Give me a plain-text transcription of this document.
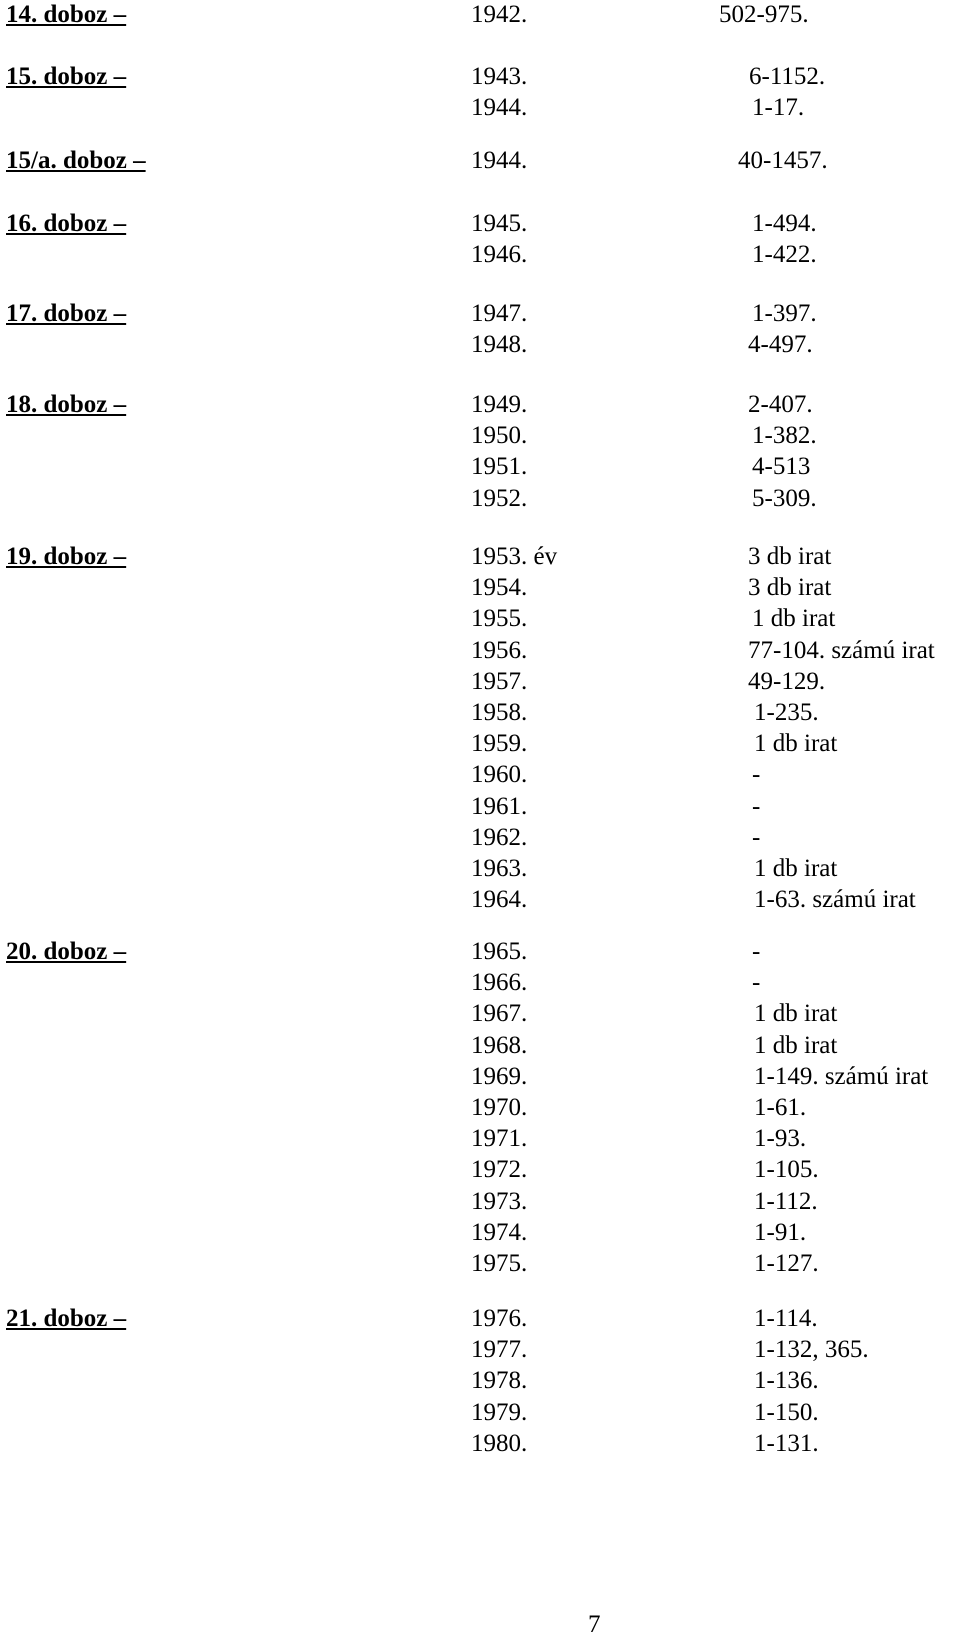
14. doboz –	1942.	502-975.
15. doboz –	1943.	6-1152.
1944.	1-17.
15/a. doboz –	1944.	40-1457.
16. doboz –	1945.	1-494.
1946.	1-422.
17. doboz –	1947.	1-397.
1948.	4-497.
18. doboz –	1949.	2-407.
1950.	1-382.
1951.	4-513
1952.	5-309.
19. doboz –	1953. év	3 db irat
1954.	3 db irat
1955.	1 db irat
1956.	77-104. számú irat
1957.	49-129.
1958.	1-235.
1959.	1 db irat
1960.	-
1961.	-
1962.	-
1963.	1 db irat
1964.	1-63. számú irat
20. doboz –	1965.	-
1966.	-
1967.	1 db irat
1968.	1 db irat
1969.	1-149. számú irat
1970.	1-61.
1971.	1-93.
1972.	1-105.
1973.	1-112.
1974.	1-91.
1975.	1-127.
21. doboz –	1976.	1-114.
1977.	1-132, 365.
1978.	1-136.
1979.	1-150.
1980.	1-131.
7
